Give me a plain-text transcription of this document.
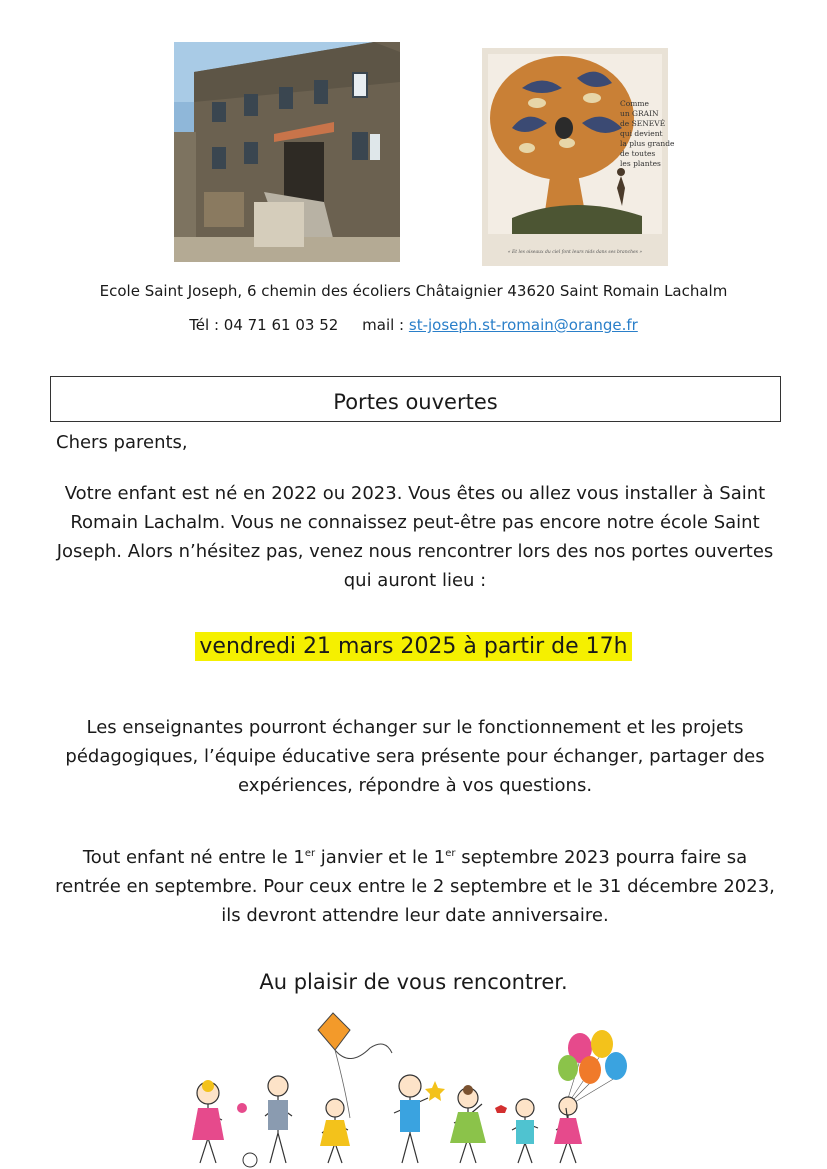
Comme
un GRAIN
de SENEVÉ
qui devient
la plus grande
de toutes
les plantes
« Et les oiseaux du ciel font leurs nids dans ses branches »
Ecole Saint Joseph, 6 chemin des écoliers Châtaignier 43620 Saint Romain Lachalm
Tél : 04 71 61 03 52 mail : st-joseph.st-romain@orange.fr
Portes ouvertes
Chers parents,
Votre enfant est né en 2022 ou 2023. Vous êtes ou allez vous installer à Saint
Romain Lachalm. Vous ne connaissez peut-être pas encore notre école Saint
Joseph. Alors n’hésitez pas, venez nous rencontrer lors des nos portes ouvertes
qui auront lieu :
vendredi 21 mars 2025 à partir de 17h
Les enseignantes pourront échanger sur le fonctionnement et les projets
pédagogiques, l’équipe éducative sera présente pour échanger, partager des
expériences, répondre à vos questions.
Tout enfant né entre le 1er janvier et le 1er septembre 2023 pourra faire sa
rentrée en septembre. Pour ceux entre le 2 septembre et le 31 décembre 2023,
ils devront attendre leur date anniversaire.
Au plaisir de vous rencontrer.
